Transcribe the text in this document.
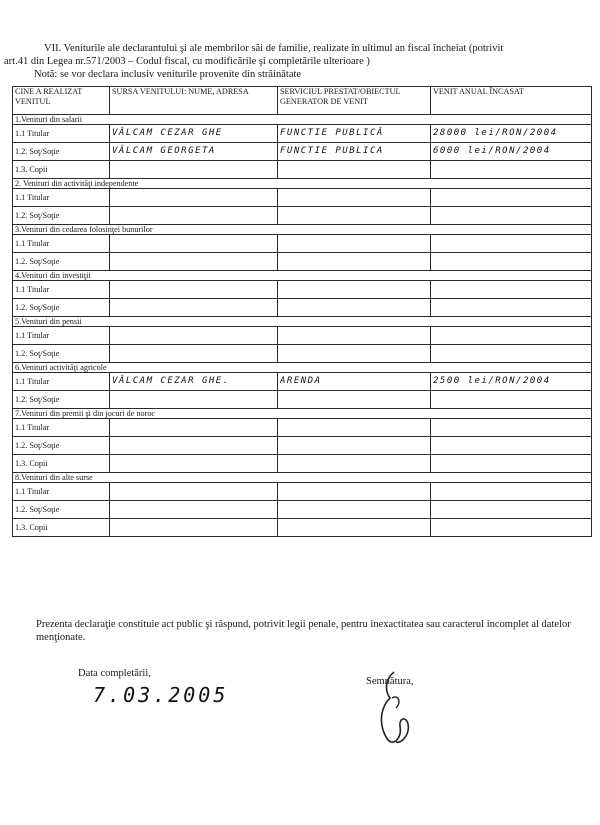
VII. Veniturile ale declarantului şi ale membrilor săi de familie, realizate în ultimul an fiscal încheiat (potrivit
art.41 din Legea nr.571/2003 – Codul fiscal, cu modificările şi completările ulterioare )
Notă: se vor declara inclusiv veniturile provenite din străinătate
CINE A REALIZAT VENITUL	SURSA VENITULUI: NUME, ADRESA	SERVICIUL PRESTAT/OBIECTUL GENERATOR DE VENIT	VENIT ANUAL ÎNCASAT
1.Venituri din salarii			
1.1 Titular	VÂLCAM CEZAR GHE	FUNCTIE PUBLICĂ	28000 lei/RON/2004
1.2. Soţ/Soţie	VÂLCAM GEORGETA	FUNCTIE PUBLICA	6000 lei/RON/2004
1.3. Copii			
2. Venituri din activităţi independente			
1.1 Titular			
1.2. Soţ/Soţie			
3.Venituri din cedarea folosinţei bunurilor			
1.1 Titular			
1.2. Soţ/Soţie			
4.Venituri din investiţii			
1.1 Titular			
1.2. Soţ/Soţie			
5.Venituri din pensii			
1.1 Titular			
1.2. Soţ/Soţie			
6.Venituri activităţi agricole			
1.1 Titular	VÂLCAM CEZAR GHE.	ARENDA	2500 lei/RON/2004
1.2. Soţ/Soţie			
7.Venituri din premii şi din jocuri de noroc			
1.1 Titular			
1.2. Soţ/Soţie			
1.3. Copii			
8.Venituri din alte surse			
1.1 Titular			
1.2. Soţ/Soţie			
1.3. Copii			
Prezenta declaraţie constituie act public şi răspund, potrivit legii penale, pentru inexactitatea sau caracterul incomplet al datelor menţionate.
Data completării,
7.03.2005
Semnătura,
